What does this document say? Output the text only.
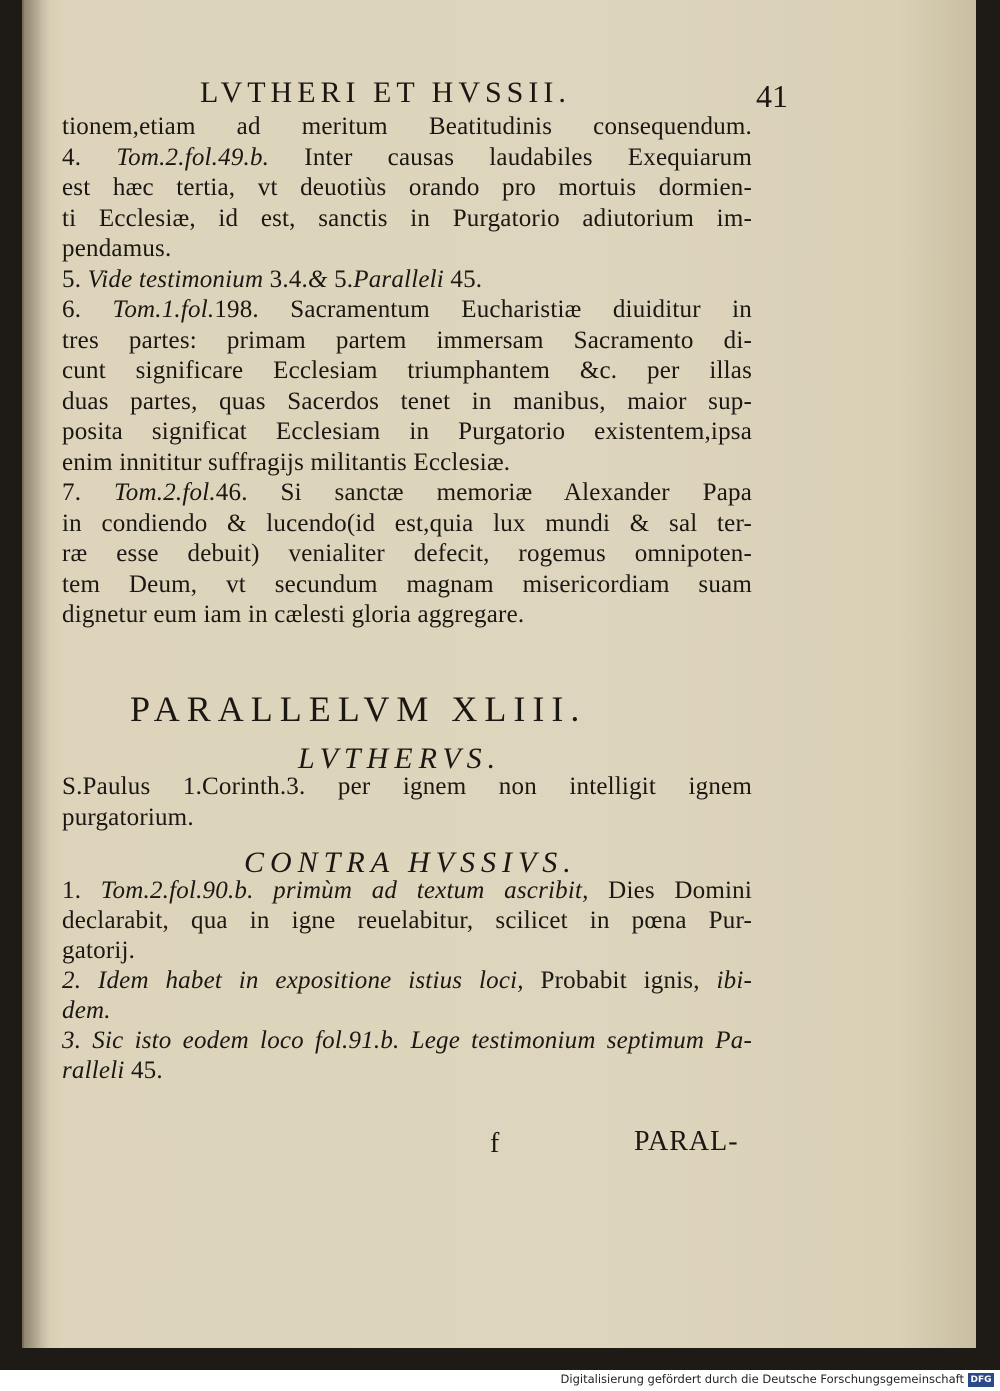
LVTHERI ET HVSSII.	41
tionem,etiam ad meritum Beatitudinis consequendum.
4. Tom.2.fol.49.b. Inter causas laudabiles Exequiarum
est hæc tertia, vt deuotiùs orando pro mortuis dormien-
ti Ecclesiæ, id est, sanctis in Purgatorio adiutorium im-
pendamus.
5. Vide testimonium 3.4.& 5.Paralleli 45.
6. Tom.1.fol.198. Sacramentum Eucharistiæ diuiditur in
tres partes: primam partem immersam Sacramento di-
cunt significare Ecclesiam triumphantem &c. per illas
duas partes, quas Sacerdos tenet in manibus, maior sup-
posita significat Ecclesiam in Purgatorio existentem,ipsa
enim innititur suffragijs militantis Ecclesiæ.
7. Tom.2.fol.46. Si sanctæ memoriæ Alexander Papa
in condiendo & lucendo(id est,quia lux mundi & sal ter-
ræ esse debuit) venialiter defecit, rogemus omnipoten-
tem Deum, vt secundum magnam misericordiam suam
dignetur eum iam in cælesti gloria aggregare.
PARALLELVM XLIII.
LVTHERVS.
S.Paulus 1.Corinth.3. per ignem non intelligit ignem
purgatorium.
CONTRA HVSSIVS.
1. Tom.2.fol.90.b. primùm ad textum ascribit, Dies Domini
declarabit, qua in igne reuelabitur, scilicet in pœna Pur-
gatorij.
2. Idem habet in expositione istius loci, Probabit ignis, ibi-
dem.
3. Sic isto eodem loco fol.91.b. Lege testimonium septimum Pa-
ralleli 45.
f	PARAL-
Digitalisierung gefördert durch die Deutsche Forschungsgemeinschaft DFG
